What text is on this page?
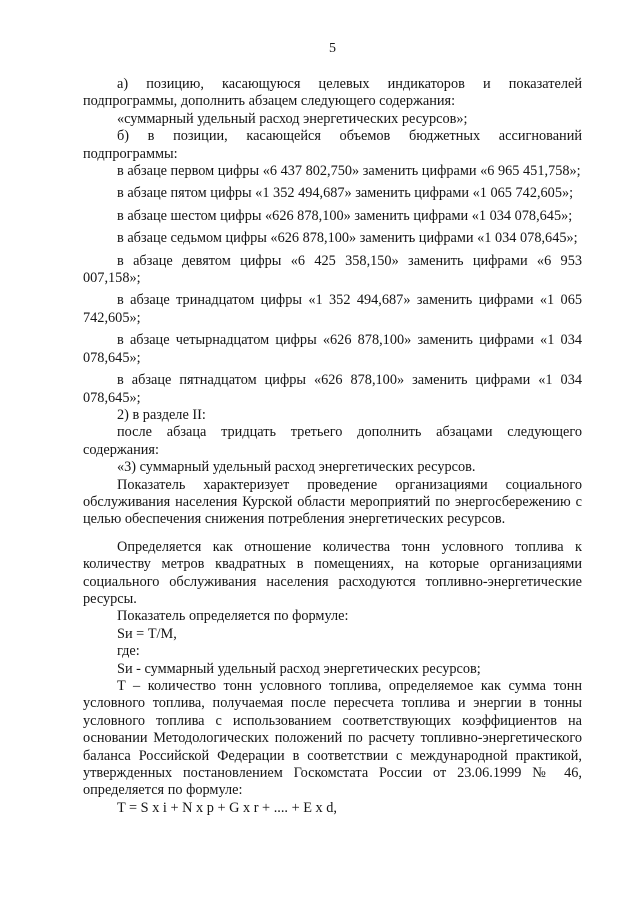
5

а) позицию, касающуюся целевых индикаторов и показателей подпрограммы, дополнить абзацем следующего содержания:

«суммарный удельный расход энергетических ресурсов»;

б) в позиции, касающейся объемов бюджетных ассигнований подпрограммы:

в абзаце первом цифры «6 437 802,750» заменить цифрами «6 965 451,758»;

в абзаце пятом цифры «1 352 494,687» заменить цифрами «1 065 742,605»;

в абзаце шестом цифры «626 878,100» заменить цифрами «1 034 078,645»;

в абзаце седьмом цифры «626 878,100» заменить цифрами «1 034 078,645»;

в абзаце девятом цифры «6 425 358,150» заменить цифрами «6 953 007,158»;

в абзаце тринадцатом цифры «1 352 494,687» заменить цифрами «1 065 742,605»;

в абзаце четырнадцатом цифры «626 878,100» заменить цифрами «1 034 078,645»;

в абзаце пятнадцатом цифры «626 878,100» заменить цифрами «1 034 078,645»;

2) в разделе II:

после абзаца тридцать третьего дополнить абзацами следующего содержания:

«3) суммарный удельный расход энергетических ресурсов.

Показатель характеризует проведение организациями социального обслуживания населения Курской области мероприятий по энергосбережению с целью обеспечения снижения потребления энергетических ресурсов.

Определяется как отношение количества тонн условного топлива к количеству метров квадратных в помещениях, на которые организациями социального обслуживания населения расходуются топливно-энергетические ресурсы.

Показатель определяется по формуле:

Sи = T/M,

где:

Sи - суммарный удельный расход энергетических ресурсов;

T – количество тонн условного топлива, определяемое как сумма тонн условного топлива, получаемая после пересчета топлива и энергии в тонны условного топлива с использованием соответствующих коэффициентов на основании Методологических положений по расчету топливно-энергетического баланса Российской Федерации в соответствии с международной практикой, утвержденных постановлением Госкомстата России от 23.06.1999 № 46, определяется по формуле:

T = S x i + N x p + G x r + .... + E x d,
